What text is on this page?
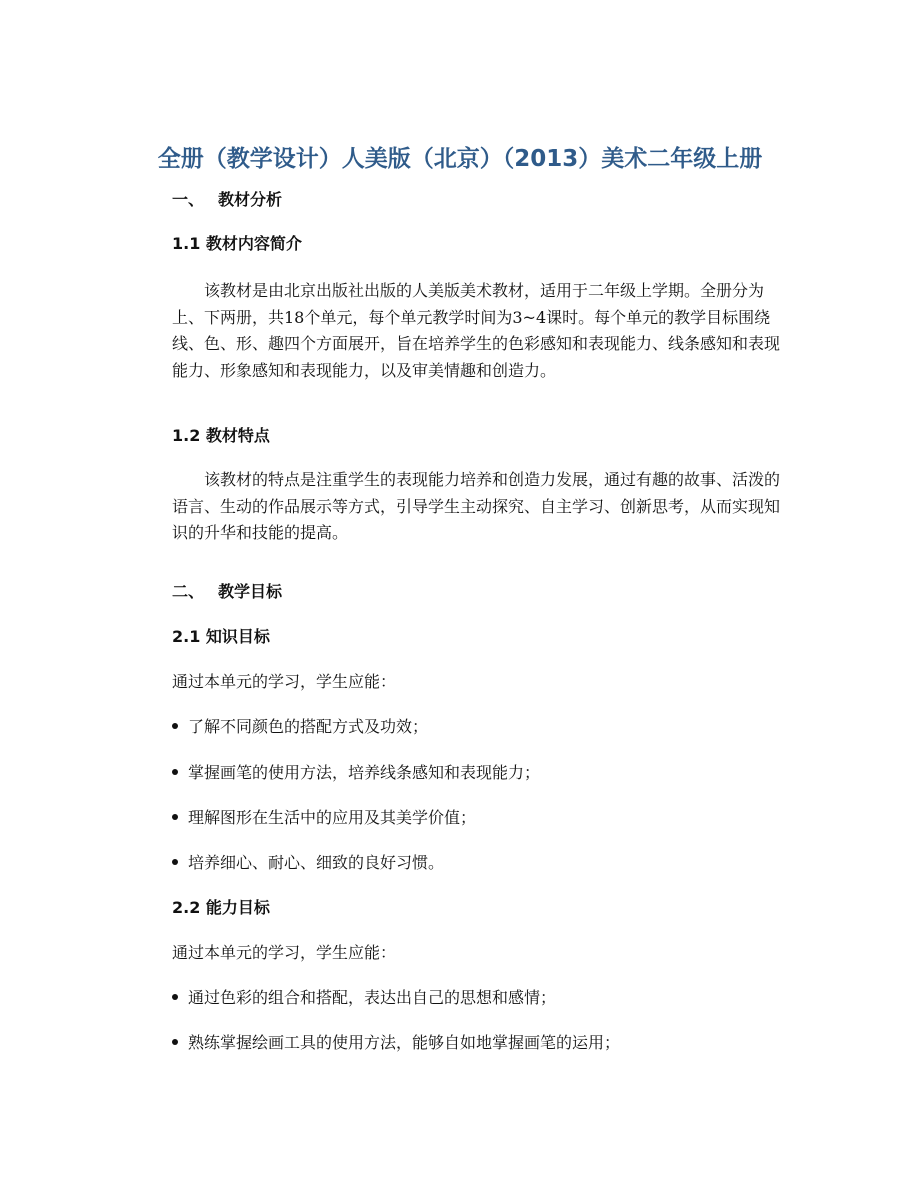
全册（教学设计）人美版（北京）（2013）美术二年级上册
一、 教材分析
1.1 教材内容简介

该教材是由北京出版社出版的人美版美术教材，适用于二年级上学期。全册分为上、下两册，共18个单元，每个单元教学时间为3~4课时。每个单元的教学目标围绕线、色、形、趣四个方面展开，旨在培养学生的色彩感知和表现能力、线条感知和表现能力、形象感知和表现能力，以及审美情趣和创造力。

1.2 教材特点

该教材的特点是注重学生的表现能力培养和创造力发展，通过有趣的故事、活泼的语言、生动的作品展示等方式，引导学生主动探究、自主学习、创新思考，从而实现知识的升华和技能的提高。

二、 教学目标
2.1 知识目标

通过本单元的学习，学生应能：

了解不同颜色的搭配方式及功效；
掌握画笔的使用方法，培养线条感知和表现能力；
理解图形在生活中的应用及其美学价值；
培养细心、耐心、细致的良好习惯。
2.2 能力目标

通过本单元的学习，学生应能：

通过色彩的组合和搭配，表达出自己的思想和感情；
熟练掌握绘画工具的使用方法，能够自如地掌握画笔的运用；
